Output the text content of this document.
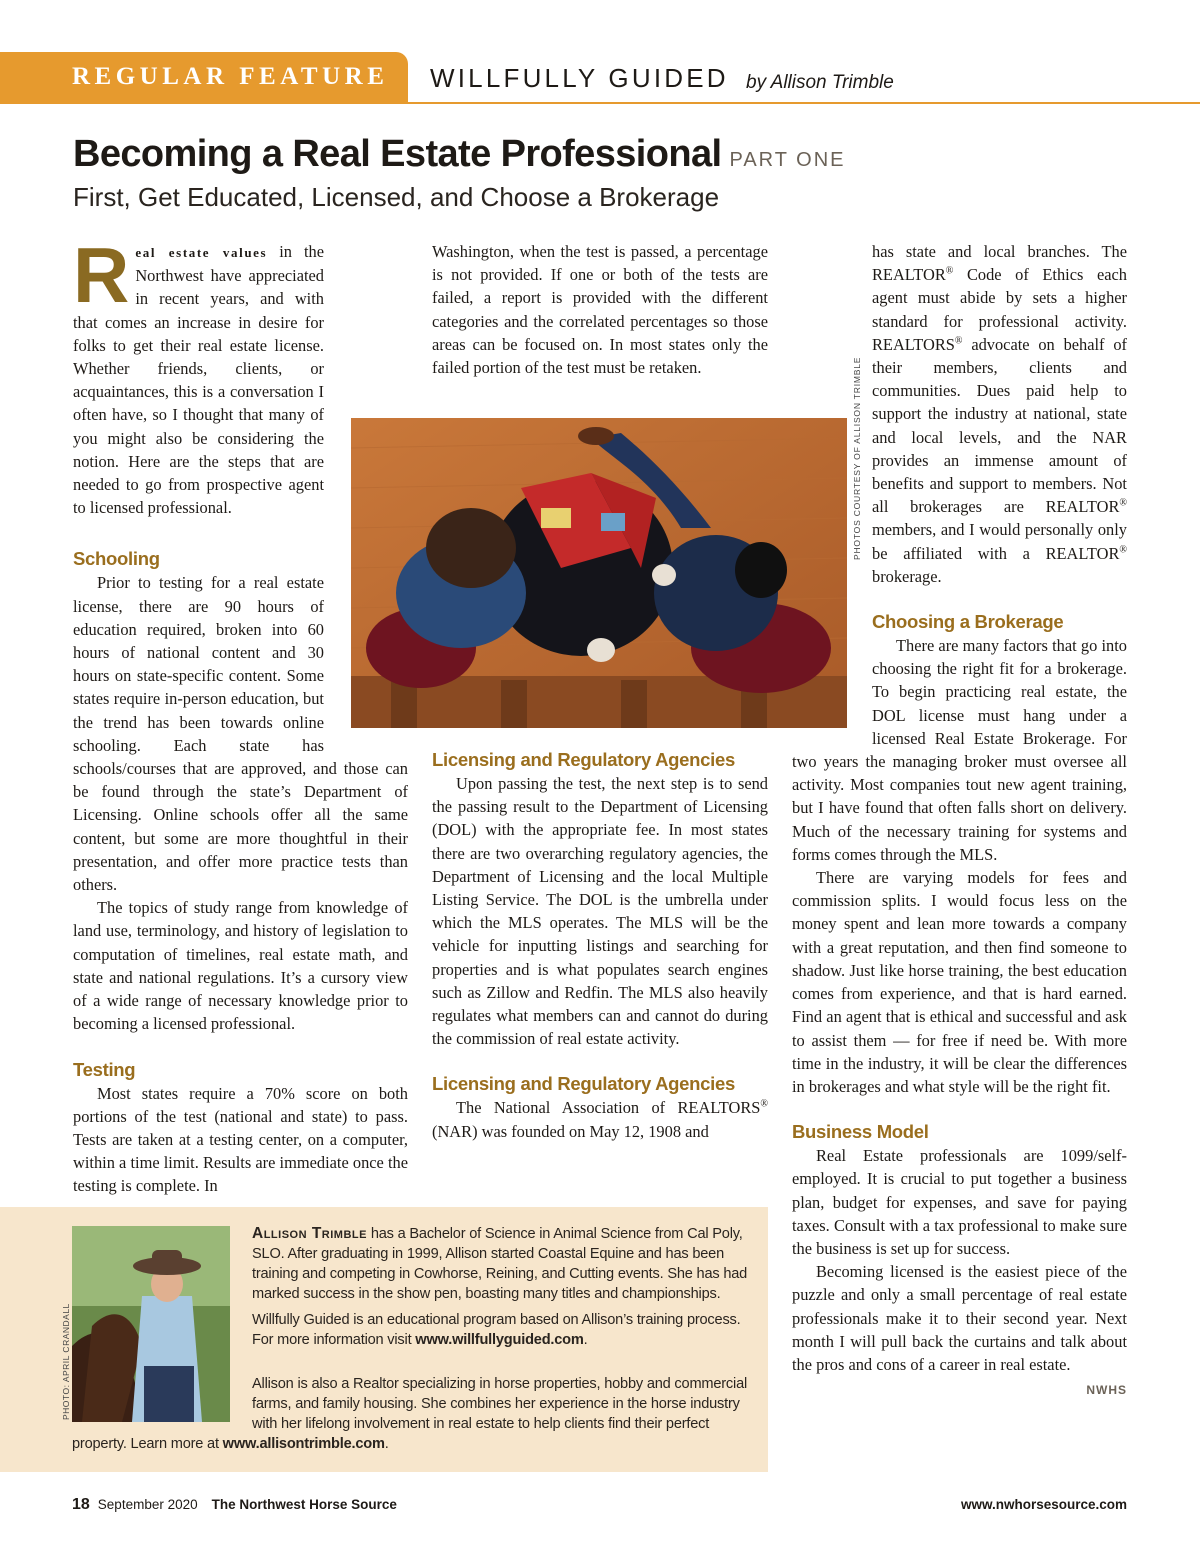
REGULAR FEATURE WILLFULLY GUIDED by Allison Trimble
Becoming a Real Estate Professional PART ONE
First, Get Educated, Licensed, and Choose a Brokerage

Real estate values in the Northwest have appreciated in recent years, and with that comes an increase in desire for folks to get their real estate license. Whether friends, clients, or acquaintances, this is a conversation I often have, so I thought that many of you might also be considering the notion. Here are the steps that are needed to go from prospective agent to licensed professional.

Schooling

Prior to testing for a real estate license, there are 90 hours of education required, broken into 60 hours of national content and 30 hours on state-specific content. Some states require in-person education, but the trend has been towards online schooling. Each state has schools/courses that are approved, and those can be found through the state’s Department of Licensing. Online schools offer all the same content, but some are more thoughtful in their presentation, and offer more practice tests than others.

The topics of study range from knowledge of land use, terminology, and history of legislation to computation of timelines, real estate math, and state and national regulations. It’s a cursory view of a wide range of necessary knowledge prior to becoming a licensed professional.

Testing

Most states require a 70% score on both portions of the test (national and state) to pass. Tests are taken at a testing center, on a computer, within a time limit. Results are immediate once the testing is complete. In

Washington, when the test is passed, a percentage is not provided. If one or both of the tests are failed, a report is provided with the different categories and the correlated percentages so those areas can be focused on. In most states only the failed portion of the test must be retaken.

Licensing and Regulatory Agencies

Upon passing the test, the next step is to send the passing result to the Department of Licensing (DOL) with the appropriate fee. In most states there are two overarching regulatory agencies, the Department of Licensing and the local Multiple Listing Service. The DOL is the umbrella under which the MLS operates. The MLS will be the vehicle for inputting listings and searching for properties and is what populates search engines such as Zillow and Redfin. The MLS also heavily regulates what members can and cannot do during the commission of real estate activity.

Licensing and Regulatory Agencies

The National Association of REALTORS® (NAR) was founded on May 12, 1908 and

has state and local branches. The REALTOR® Code of Ethics each agent must abide by sets a higher standard for professional activity. REALTORS® advocate on behalf of their members, clients and communities. Dues paid help to support the industry at national, state and local levels, and the NAR provides an immense amount of benefits and support to members. Not all brokerages are REALTOR® members, and I would personally only be affiliated with a REALTOR® brokerage.

Choosing a Brokerage

There are many factors that go into choosing the right fit for a brokerage. To begin practicing real estate, the DOL license must hang under a licensed Real Estate Brokerage. For two years the managing broker must oversee all activity. Most companies tout new agent training, but I have found that often falls short on delivery. Much of the necessary training for systems and forms comes through the MLS.

There are varying models for fees and commission splits. I would focus less on the money spent and lean more towards a company with a great reputation, and then find someone to shadow. Just like horse training, the best education comes from experience, and that is hard earned. Find an agent that is ethical and successful and ask to assist them — for free if need be. With more time in the industry, it will be clear the differences in brokerages and what style will be the right fit.

Business Model

Real Estate professionals are 1099/self-employed. It is crucial to put together a business plan, budget for expenses, and save for paying taxes. Consult with a tax professional to make sure the business is set up for success.

Becoming licensed is the easiest piece of the puzzle and only a small percentage of real estate professionals make it to their second year. Next month I will pull back the curtains and talk about the pros and cons of a career in real estate.
NWHS

PHOTOS COURTESY OF ALLISON TRIMBLE
PHOTO: APRIL CRANDALL

Allison Trimble has a Bachelor of Science in Animal Science from Cal Poly, SLO. After graduating in 1999, Allison started Coastal Equine and has been training and competing in Cowhorse, Reining, and Cutting events. She has had marked success in the show pen, boasting many titles and championships.

Willfully Guided is an educational program based on Allison’s training process. For more information visit www.willfullyguided.com.

Allison is also a Realtor specializing in horse properties, hobby and commercial farms, and family housing. She combines her experience in the horse industry with her lifelong involvement in real estate to help clients find their perfect property. Learn more at www.allisontrimble.com.

18 September 2020 The Northwest Horse Source	www.nwhorsesource.com
